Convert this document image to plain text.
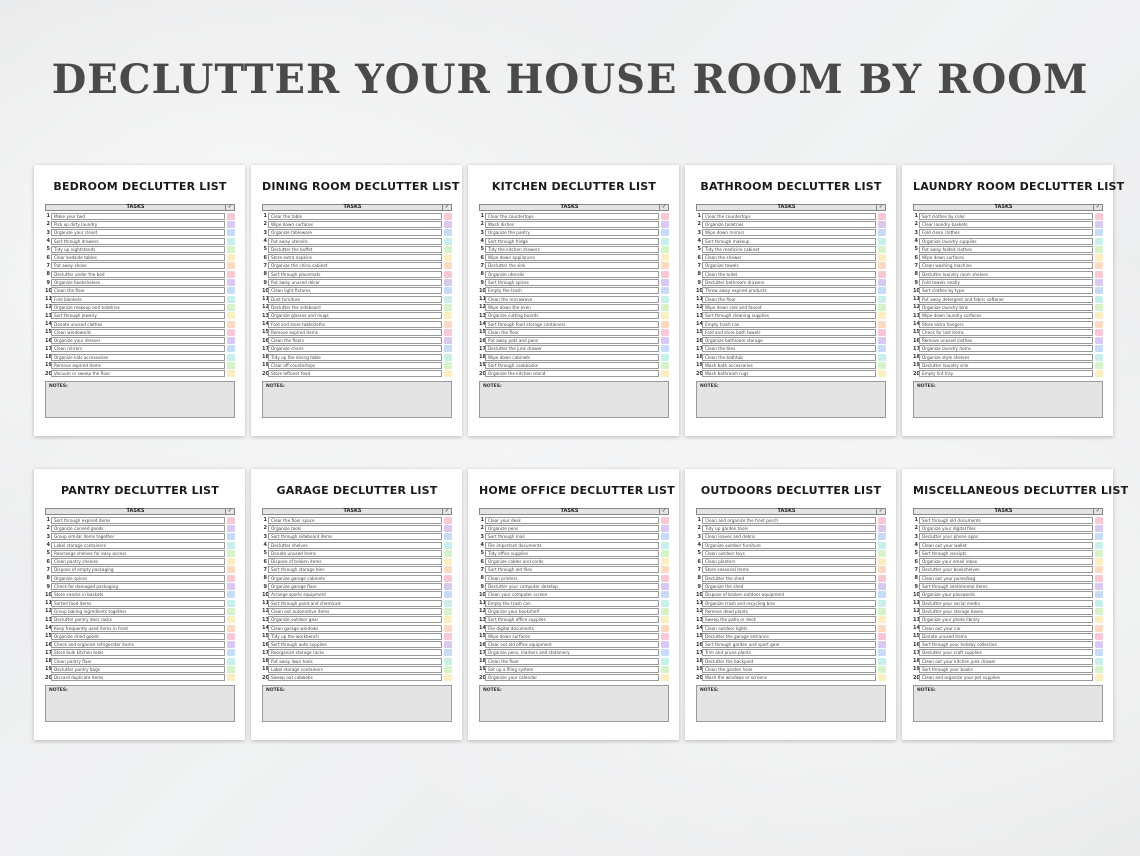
DECLUTTER YOUR HOUSE ROOM BY ROOM
BEDROOM DECLUTTER LIST
TASKS	✓
1 Make your bed
2 Pick up dirty laundry
3 Organize your closet
4 Sort through drawers
5 Tidy up nightstands
6 Clear bedside tables
7 Put away shoes
8 Declutter under the bed
9 Organize bookshelves
10 Clean the floor
11 Fold blankets
12 Organize makeup and toiletries
13 Sort through jewelry
14 Donate unused clothes
15 Clean windowsills
16 Organize your dresser
17 Clean mirrors
18 Organize kids accessories
19 Remove expired items
20 Vacuum or sweep the floor
NOTES:
DINING ROOM DECLUTTER LIST
TASKS	✓
1 Clear the table
2 Wipe down surfaces
3 Organize tableware
4 Put away utensils
5 Declutter the buffet
6 Store extra napkins
7 Organize the china cabinet
8 Sort through placemats
9 Put away unused décor
10 Clean light fixtures
11 Dust furniture
12 Declutter the sideboard
13 Organize glasses and mugs
14 Fold and store tablecloths
15 Remove expired items
16 Clean the floors
17 Organize chairs
18 Tidy up the dining table
19 Clear off countertops
20 Store leftover food
NOTES:
KITCHEN DECLUTTER LIST
TASKS	✓
1 Clear the countertops
2 Wash dishes
3 Organize the pantry
4 Sort through fridge
5 Tidy the kitchen drawers
6 Wipe down appliances
7 Declutter the sink
8 Organize utensils
9 Sort through spices
10 Empty the trash
11 Clean the microwave
12 Wipe down the oven
13 Organize cutting boards
14 Sort through food storage containers
15 Clean the floor
16 Put away pots and pans
17 Declutter the junk drawer
18 Wipe down cabinets
19 Sort through cookbooks
20 Organize the kitchen island
NOTES:
BATHROOM DECLUTTER LIST
TASKS	✓
1 Clear the countertops
2 Organize toiletries
3 Wipe down mirrors
4 Sort through makeup
5 Tidy the medicine cabinet
6 Clean the shower
7 Organize towels
8 Clean the toilet
9 Declutter bathroom drawers
10 Throw away expired products
11 Clean the floor
12 Wipe down sink and faucet
13 Sort through cleaning supplies
14 Empty trash can
15 Fold and store bath towels
16 Organize bathroom storage
17 Clean the tiles
18 Clean the bathtub
19 Wash bath accessories
20 Wash bathroom rugs
NOTES:
LAUNDRY ROOM DECLUTTER LIST
TASKS	✓
1 Sort clothes by color
2 Clear laundry baskets
3 Fold clean clothes
4 Organize laundry supplies
5 Put away folded clothes
6 Wipe down surfaces
7 Clean washing machine
8 Declutter laundry room shelves
9 Fold towels neatly
10 Sort clothes by type
11 Put away detergent and fabric softener
12 Organize laundry bins
13 Wipe down laundry surfaces
14 Store extra hangers
15 Check for lost items
16 Remove unused clothes
17 Organize laundry items
18 Organize style shelves
19 Declutter laundry sink
20 Empty lint tray
NOTES:
PANTRY DECLUTTER LIST
TASKS	✓
1 Sort through expired items
2 Organize canned goods
3 Group similar items together
4 Label storage containers
5 Rearrange shelves for easy access
6 Clean pantry shelves
7 Dispose of empty packaging
8 Organize spices
9 Check for damaged packaging
10 Store snacks in baskets
11 Sorted food items
12 Group baking ingredients together
13 Declutter pantry door racks
14 Keep frequently used items in front
15 Organize dried goods
16 Check and organize refrigerator items
17 Store bulk kitchen tools
18 Clean pantry floor
19 Declutter pantry bags
20 Discard duplicate items
NOTES:
GARAGE DECLUTTER LIST
TASKS	✓
1 Clear the floor space
2 Organize tools
3 Sort through sideboard items
4 Declutter shelves
5 Donate unused items
6 Dispose of broken items
7 Sort through storage bins
8 Organize garage cabinets
9 Organize garage floor
10 Arrange sports equipment
11 Sort through paint and chemicals
12 Clean out automotive items
13 Organize outdoor gear
14 Clean garage windows
15 Tidy up the workbench
16 Sort through auto supplies
17 Reorganize storage racks
18 Put away lawn tools
19 Label storage containers
20 Sweep out cobwebs
NOTES:
HOME OFFICE DECLUTTER LIST
TASKS	✓
1 Clear your desk
2 Organize pens
3 Sort through mail
4 File important documents
5 Tidy office supplies
6 Organize cables and cords
7 Sort through old files
8 Clean printers
9 Declutter your computer desktop
10 Clean your computer screen
11 Empty the trash can
12 Organize your bookshelf
13 Sort through office supplies
14 File digital documents
15 Wipe down surfaces
16 Clear out old office equipment
17 Organize pens, markers and stationery
18 Clean the floor
19 Set up a filing system
20 Organize your calendar
NOTES:
OUTDOORS DECLUTTER LIST
TASKS	✓
1 Clean and organize the front porch
2 Tidy up garden tools
3 Clean leaves and debris
4 Organize outdoor furniture
5 Clean outdoor toys
6 Clean planters
7 Store seasonal items
8 Declutter the shed
9 Organize the shed
10 Dispose of broken outdoor equipment
11 Organize trash and recycling bins
12 Remove dead plants
13 Sweep the patio or deck
14 Clean outdoor lights
15 Declutter the garage entrance
16 Sort through garden and sport gear
17 Trim and prune plants
18 Declutter the backyard
19 Clean the garden hose
20 Wash the windows or screens
NOTES:
MISCELLANEOUS DECLUTTER LIST
TASKS	✓
1 Sort through old documents
2 Organize your digital files
3 Declutter your phone apps
4 Clean out your wallet
5 Sort through receipts
6 Organize your email inbox
7 Declutter your bookshelves
8 Clean out your purse/bag
9 Sort through sentimental items
10 Organize your passwords
11 Declutter your social media
12 Declutter your storage boxes
13 Organize your photo library
14 Clean out your car
15 Donate unused items
16 Sort through your holiday collection
17 Declutter your craft supplies
18 Clean out your kitchen junk drawer
19 Sort through your books
20 Clean and organize your pet supplies
NOTES:
